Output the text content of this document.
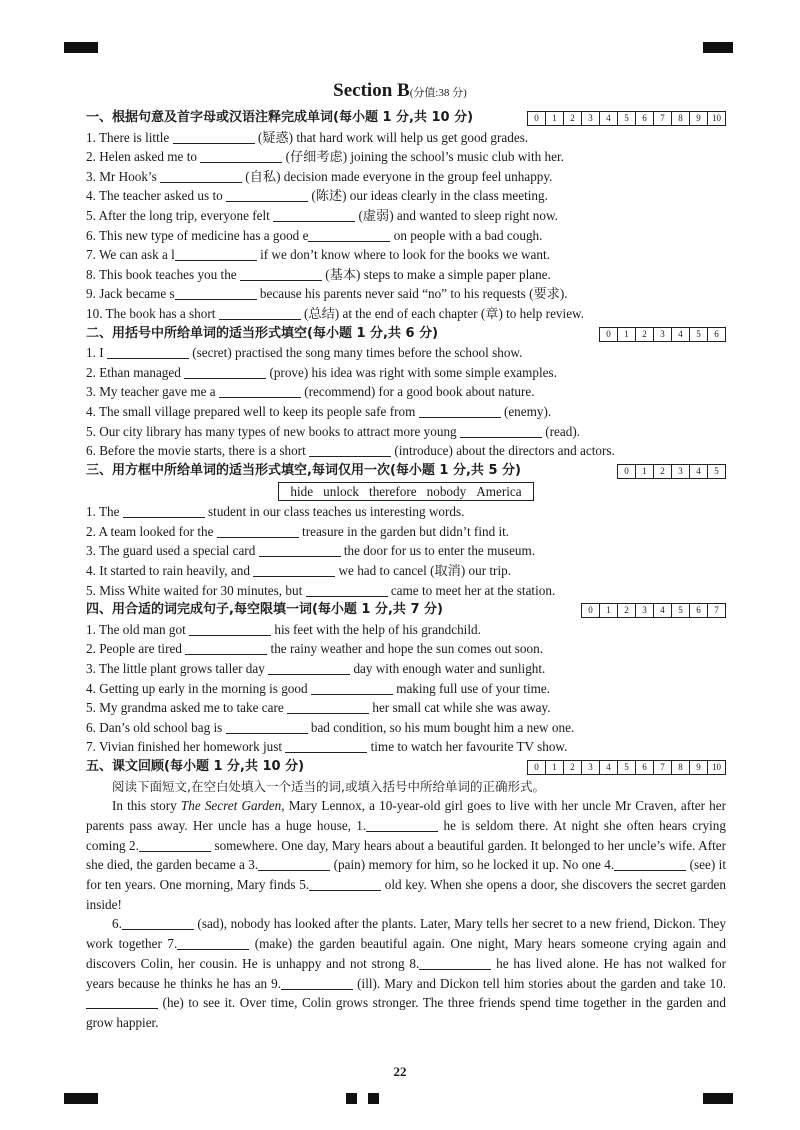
Section B(分值:38 分)
一、根据句意及首字母或汉语注释完成单词(每小题 1 分,共 10 分)	0	1	2	3	4	5	6	7	8	9	10
1. There is little	(疑惑) that hard work will help us get good grades.
2. Helen asked me to	(仔细考虑) joining the school’s music club with her.
3. Mr Hook’s	(自私) decision made everyone in the group feel unhappy.
4. The teacher asked us to	(陈述) our ideas clearly in the class meeting.
5. After the long trip, everyone felt	(虚弱) and wanted to sleep right now.
6. This new type of medicine has a good e	on people with a bad cough.
7. We can ask a l	if we don’t know where to look for the books we want.
8. This book teaches you the	(基本) steps to make a simple paper plane.
9. Jack became s	because his parents never said “no” to his requests (要求).
10. The book has a short	(总结) at the end of each chapter (章) to help review.
二、用括号中所给单词的适当形式填空(每小题 1 分,共 6 分)	0	1	2	3	4	5	6
1. I	(secret) practised the song many times before the school show.
2. Ethan managed	(prove) his idea was right with some simple examples.
3. My teacher gave me a	(recommend) for a good book about nature.
4. The small village prepared well to keep its people safe from	(enemy).
5. Our city library has many types of new books to attract more young	(read).
6. Before the movie starts, there is a short	(introduce) about the directors and actors.
三、用方框中所给单词的适当形式填空,每词仅用一次(每小题 1 分,共 5 分)	0	1	2	3	4	5
hide unlock therefore nobody America
1. The	student in our class teaches us interesting words.
2. A team looked for the	treasure in the garden but didn’t find it.
3. The guard used a special card	the door for us to enter the museum.
4. It started to rain heavily, and	we had to cancel (取消) our trip.
5. Miss White waited for 30 minutes, but	came to meet her at the station.
四、用合适的词完成句子,每空限填一词(每小题 1 分,共 7 分)	0	1	2	3	4	5	6	7
1. The old man got	his feet with the help of his grandchild.
2. People are tired	the rainy weather and hope the sun comes out soon.
3. The little plant grows taller day	day with enough water and sunlight.
4. Getting up early in the morning is good	making full use of your time.
5. My grandma asked me to take care	her small cat while she was away.
6. Dan’s old school bag is	bad condition, so his mum bought him a new one.
7. Vivian finished her homework just	time to watch her favourite TV show.
五、课文回顾(每小题 1 分,共 10 分)	0	1	2	3	4	5	6	7	8	9	10
阅读下面短文,在空白处填入一个适当的词,或填入括号中所给单词的正确形式。

In this story The Secret Garden, Mary Lennox, a 10-year-old girl goes to live with her uncle Mr Craven, after her parents pass away. Her uncle has a huge house, 1.	he is seldom there. At night she often hears crying coming 2.	somewhere. One day, Mary hears about a beautiful garden. It belonged to her uncle’s wife. After she died, the garden became a 3.	(pain) memory for him, so he locked it up. No one 4.	(see) it for ten years. One morning, Mary finds 5.	old key. When she opens a door, she discovers the secret garden inside!

6.	(sad), nobody has looked after the plants. Later, Mary tells her secret to a new friend, Dickon. They work together 7.	(make) the garden beautiful again. One night, Mary hears someone crying again and discovers Colin, her cousin. He is unhappy and not strong 8.	he has lived alone. He has not walked for years because he thinks he has an 9.	(ill). Mary and Dickon tell him stories about the garden and take 10. (he) to see it. Over time, Colin grows stronger. The three friends spend time together in the garden and grow happier.

22
